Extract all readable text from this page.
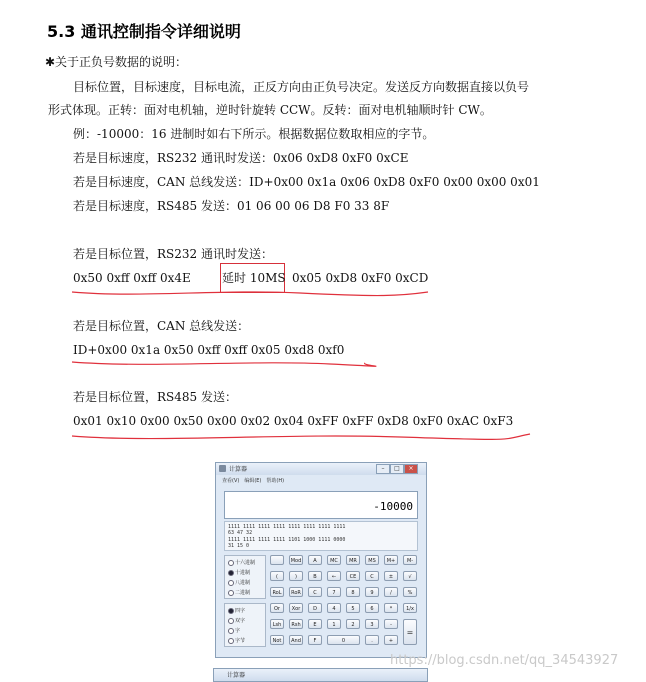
5.3 通讯控制指令详细说明
✱关于正负号数据的说明：
目标位置，目标速度，目标电流，正反方向由正负号决定。发送反方向数据直接以负号
形式体现。正转：面对电机轴，逆时针旋转 CCW。反转：面对电机轴顺时针 CW。
例：-10000：16 进制时如右下所示。根据数据位数取相应的字节。
若是目标速度，RS232 通讯时发送：0x06 0xD8 0xF0 0xCE
若是目标速度，CAN 总线发送：ID+0x00 0x1a 0x06 0xD8 0xF0 0x00 0x00 0x01
若是目标速度，RS485 发送：01 06 00 06 D8 F0 33 8F
若是目标位置，RS232 通讯时发送：
0x50 0xff 0xff 0x4E	延时 10MS 0x05 0xD8 0xF0 0xCD
若是目标位置，CAN 总线发送：
ID+0x00 0x1a 0x50 0xff 0xff 0x05 0xd8 0xf0
若是目标位置，RS485 发送：
0x01 0x10 0x00 0x50 0x00 0x02 0x04 0xFF 0xFF 0xD8 0xF0 0xAC 0xF3
计算器	–	□	×
查看(V)　编辑(E)　帮助(H)
-10000
1111 1111 1111 1111 1111 1111 1111 1111
63 47 32
1111 1111 1111 1111 1101 1000 1111 0000
31 15 0
十六进制
十进制
八进制
二进制
四字
双字
字
字节
Mod	A	MC	MR	MS	M+	M-
(	)	B	←	CE	C	±	√
RoL	RoR	C	7	8	9	/	%
Or	Xor	D	4	5	6	*	1/x
Lsh	Rsh	E	1	2	3	-
=
Not	And	F	0	.	+
https://blog.csdn.net/qq_34543927
计算器
